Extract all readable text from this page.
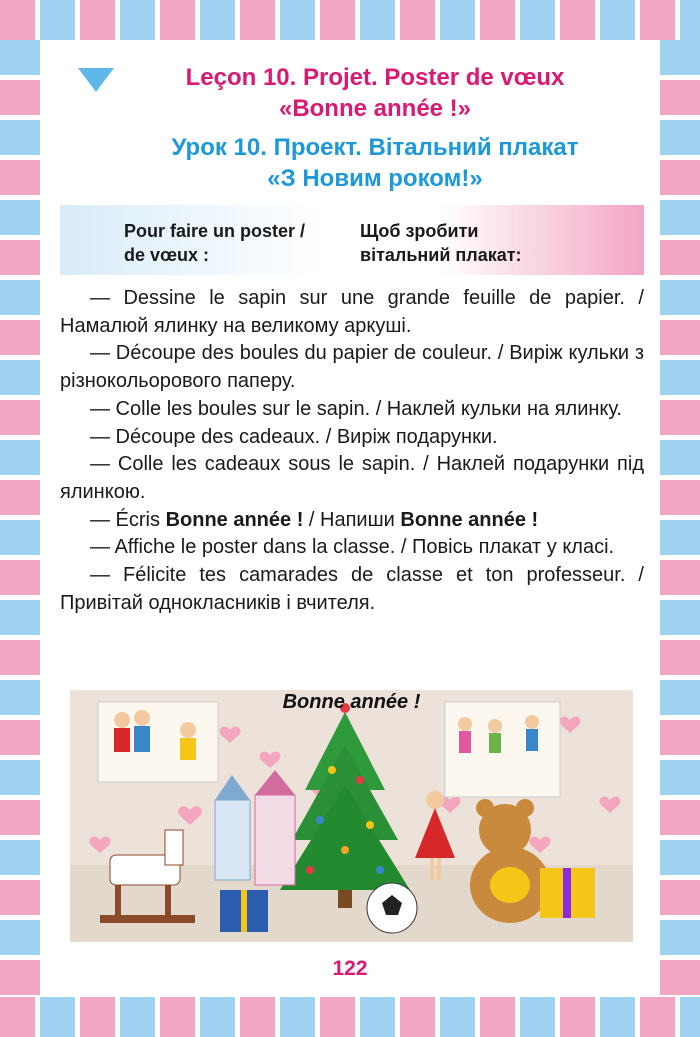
Leçon 10. Projet. Poster de vœux
«Bonne année !»
Урок 10. Проект. Вітальний плакат
«З Новим роком!»
Pour faire un poster /
de vœux :
Щоб зробити
вітальний плакат:

— Dessine le sapin sur une grande feuille de papier. / Намалюй ялинку на великому аркуші.

— Découpe des boules du papier de couleur. / Виріж кульки з різнокольорового паперу.

— Colle les boules sur le sapin. / Наклей кульки на ялинку.

— Découpe des cadeaux. / Виріж подарунки.

— Colle les cadeaux sous le sapin. / Наклей подарунки під ялинкою.

— Écris Bonne année ! / Напиши Bonne année !

— Affiche le poster dans la classe. / Повісь плакат у класі.

— Félicite tes camarades de classe et ton professeur. / Привітай однокласників і вчителя.

Bonne année !
122
